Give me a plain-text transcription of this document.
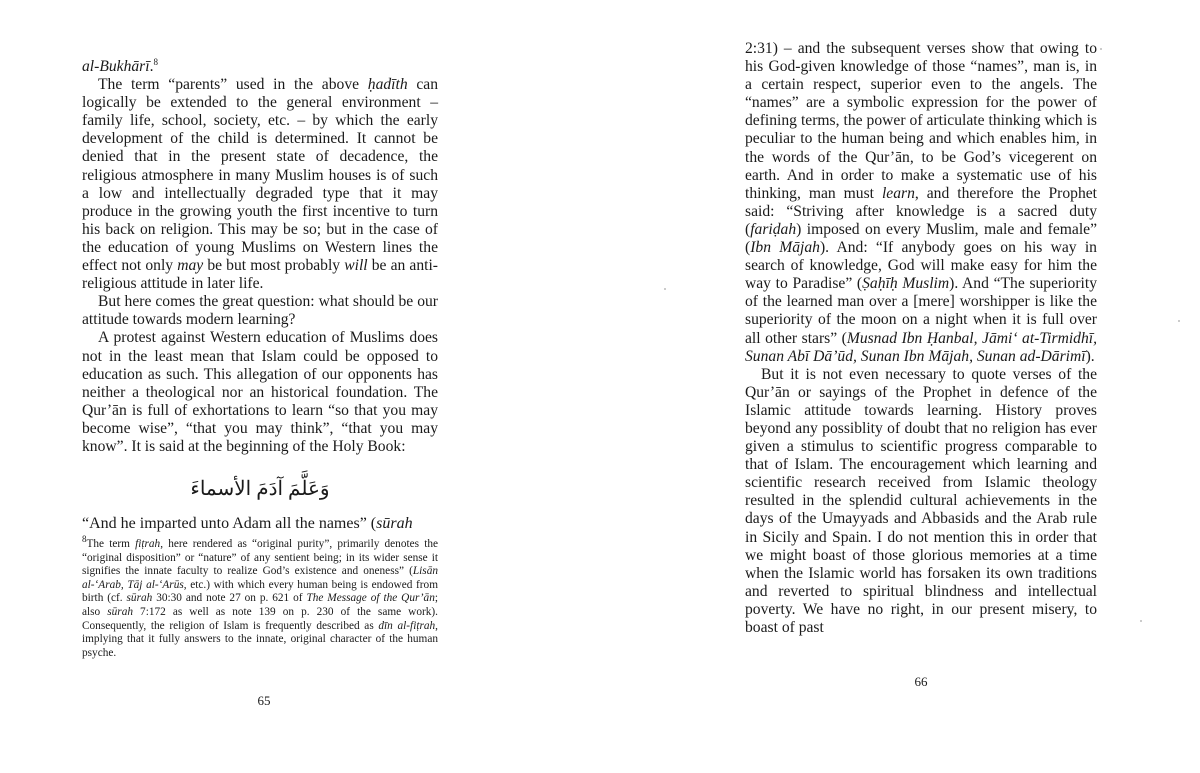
al-Bukhārī.$^8$

The term “parents” used in the above ḥadīth can logically be extended to the general environment – family life, school, society, etc. – by which the early development of the child is determined. It cannot be denied that in the present state of decadence, the religious atmosphere in many Muslim houses is of such a low and intellectually degraded type that it may produce in the growing youth the first incentive to turn his back on religion. This may be so; but in the case of the education of young Muslims on Western lines the effect not only may be but most probably will be an anti-religious attitude in later life.

But here comes the great question: what should be our attitude towards modern learning?

A protest against Western education of Muslims does not in the least mean that Islam could be opposed to education as such. This allegation of our opponents has neither a theological nor an historical foundation. The Qur’ān is full of exhortations to learn “so that you may become wise”, “that you may think”, “that you may know”. It is said at the beginning of the Holy Book:

وَعَلَّمَ آدَمَ الأسماءَ
“And he imparted unto Adam all the names” (sūrah

$^8$The term fiṭrah, here rendered as “original purity”, primarily denotes the “original disposition” or “nature” of any sentient being; in its wider sense it signifies the innate faculty to realize God’s existence and oneness” (Lisān al-‘Arab, Tāj al-‘Arūs, etc.) with which every human being is endowed from birth (cf. sūrah 30:30 and note 27 on p. 621 of The Message of the Qur’ān; also sūrah 7:172 as well as note 139 on p. 230 of the same work). Consequently, the religion of Islam is frequently described as dīn al-fiṭrah, implying that it fully answers to the innate, original character of the human psyche.

65

2:31) – and the subsequent verses show that owing to his God-given knowledge of those “names”, man is, in a certain respect, superior even to the angels. The “names” are a symbolic expression for the power of defining terms, the power of articulate thinking which is peculiar to the human being and which enables him, in the words of the Qur’ān, to be God’s vicegerent on earth. And in order to make a systematic use of his thinking, man must learn, and therefore the Prophet said: “Striving after knowledge is a sacred duty (fariḍah) imposed on every Muslim, male and female” (Ibn Mājah). And: “If anybody goes on his way in search of knowledge, God will make easy for him the way to Paradise” (Ṣaḥīḥ Muslim). And “The superiority of the learned man over a [mere] worshipper is like the superiority of the moon on a night when it is full over all other stars” (Musnad Ibn Ḥanbal, Jāmi‘ at-Tirmidhī, Sunan Abī Dā’ūd, Sunan Ibn Mājah, Sunan ad-Dārimī).

But it is not even necessary to quote verses of the Qur’ān or sayings of the Prophet in defence of the Islamic attitude towards learning. History proves beyond any possiblity of doubt that no religion has ever given a stimulus to scientific progress comparable to that of Islam. The encouragement which learning and scientific research received from Islamic theology resulted in the splendid cultural achievements in the days of the Umayyads and Abbasids and the Arab rule in Sicily and Spain. I do not mention this in order that we might boast of those glorious memories at a time when the Islamic world has forsaken its own traditions and reverted to spiritual blindness and intellectual poverty. We have no right, in our present misery, to boast of past

66
